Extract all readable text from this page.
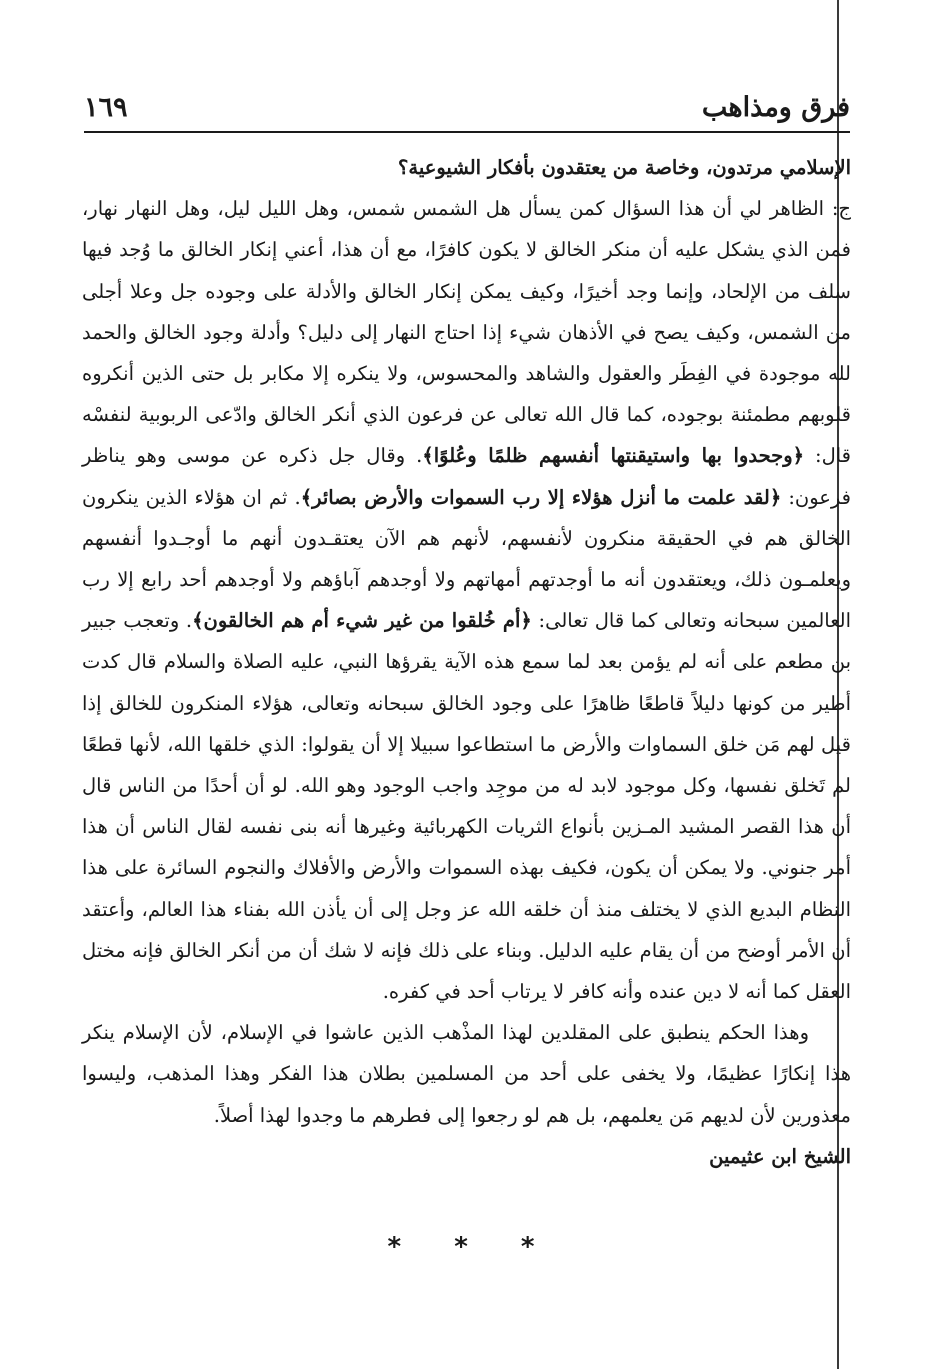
فرق ومذاهب
١٦٩

الإسلامي مرتدون، وخاصة من يعتقدون بأفكار الشيوعية؟

ج: الظاهر لي أن هذا السؤال كمن يسأل هل الشمس شمس، وهل الليل ليل، وهل النهار نهار، فمن الذي يشكل عليه أن منكر الخالق لا يكون كافرًا، مع أن هذا، أعني إنكار الخالق ما وُجد فيها سلف من الإلحاد، وإنما وجد أخيرًا، وكيف يمكن إنكار الخالق والأدلة على وجوده جل وعلا أجلى من الشمس، وكيف يصح في الأذهان شيء إذا احتاج النهار إلى دليل؟ وأدلة وجود الخالق والحمد لله موجودة في الفِطَر والعقول والشاهد والمحسوس، ولا ينكره إلا مكابر بل حتى الذين أنكروه قلوبهم مطمئنة بوجوده، كما قال الله تعالى عن فرعون الذي أنكر الخالق وادّعى الربوبية لنفسْه قال: ﴿وجحدوا بها واستيقنتها أنفسهم ظلمًا وعُلوًا﴾. وقال جل ذكره عن موسى وهو يناظر فرعون: ﴿لقد علمت ما أنزل هؤلاء إلا رب السموات والأرض بصائر﴾. ثم ان هؤلاء الذين ينكرون الخالق هم في الحقيقة منكرون لأنفسهم، لأنهم هم الآن يعتقـدون أنهم ما أوجـدوا أنفسهم ويعلمـون ذلك، ويعتقدون أنه ما أوجدتهم أمهاتهم ولا أوجدهم آباؤهم ولا أوجدهم أحد رابع إلا رب العالمين سبحانه وتعالى كما قال تعالى: ﴿أم خُلقوا من غير شيء أم هم الخالقون﴾. وتعجب جبير بن مطعم على أنه لم يؤمن بعد لما سمع هذه الآية يقرؤها النبي، عليه الصلاة والسلام قال كدت أطير من كونها دليلاً قاطعًا ظاهرًا على وجود الخالق سبحانه وتعالى، هؤلاء المنكرون للخالق إذا قيل لهم مَن خلق السماوات والأرض ما استطاعوا سبيلا إلا أن يقولوا: الذي خلقها الله، لأنها قطعًا لم تَخلق نفسها، وكل موجود لابد له من موجِد واجب الوجود وهو الله. لو أن أحدًا من الناس قال أن هذا القصر المشيد المـزين بأنواع الثريات الكهربائية وغيرها أنه بنى نفسه لقال الناس أن هذا أمر جنوني. ولا يمكن أن يكون، فكيف بهذه السموات والأرض والأفلاك والنجوم السائرة على هذا النظام البديع الذي لا يختلف منذ أن خلقه الله عز وجل إلى أن يأذن الله بفناء هذا العالم، وأعتقد أن الأمر أوضح من أن يقام عليه الدليل. وبناء على ذلك فإنه لا شك أن من أنكر الخالق فإنه مختل العقل كما أنه لا دين عنده وأنه كافر لا يرتاب أحد في كفره.

وهذا الحكم ينطبق على المقلدين لهذا المذْهب الذين عاشوا في الإسلام، لأن الإسلام ينكر هذا إنكارًا عظيمًا، ولا يخفى على أحد من المسلمين بطلان هذا الفكر وهذا المذهب، وليسوا معذورين لأن لديهم مَن يعلمهم، بل هم لو رجعوا إلى فطرهم ما وجدوا لهذا أصلاً.

الشيخ ابن عثيمين

* * *
